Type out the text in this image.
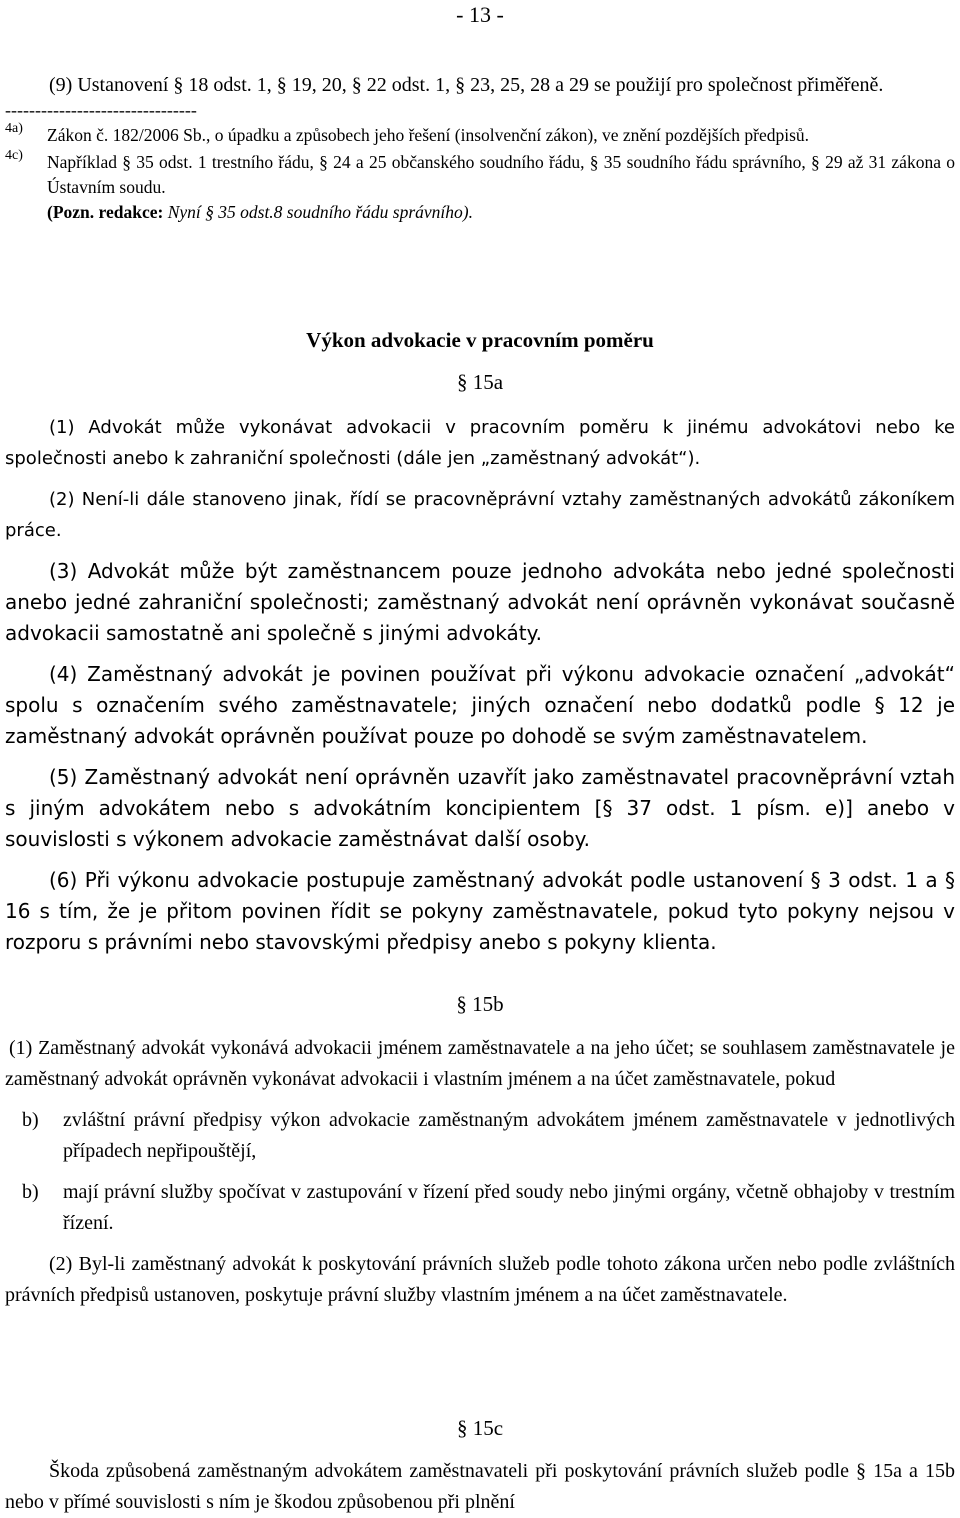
- 13 -

(9) Ustanovení § 18 odst. 1, § 19, 20, § 22 odst. 1, § 23, 25, 28 a 29 se použijí pro společnost přiměřeně.

--------------------------------
4a) Zákon č. 182/2006 Sb., o úpadku a způsobech jeho řešení (insolvenční zákon), ve znění pozdějších předpisů.
4c) Například § 35 odst. 1 trestního řádu, § 24 a 25 občanského soudního řádu, § 35 soudního řádu správního, § 29 až 31 zákona o Ústavním soudu.
(Pozn. redakce: Nyní § 35 odst.8 soudního řádu správního).
Výkon advokacie v pracovním poměru
§ 15a

(1) Advokát může vykonávat advokacii v pracovním poměru k jinému advokátovi nebo ke společnosti anebo k zahraniční společnosti (dále jen „zaměstnaný advokát“).

(2) Není-li dále stanoveno jinak, řídí se pracovněprávní vztahy zaměstnaných advokátů zákoníkem práce.

(3) Advokát může být zaměstnancem pouze jednoho advokáta nebo jedné společnosti anebo jedné zahraniční společnosti; zaměstnaný advokát není oprávněn vykonávat současně advokacii samostatně ani společně s jinými advokáty.

(4) Zaměstnaný advokát je povinen používat při výkonu advokacie označení „advokát“ spolu s označením svého zaměstnavatele; jiných označení nebo dodatků podle § 12 je zaměstnaný advokát oprávněn používat pouze po dohodě se svým zaměstnavatelem.

(5) Zaměstnaný advokát není oprávněn uzavřít jako zaměstnavatel pracovněprávní vztah s jiným advokátem nebo s advokátním koncipientem [§ 37 odst. 1 písm. e)] anebo v souvislosti s výkonem advokacie zaměstnávat další osoby.

(6) Při výkonu advokacie postupuje zaměstnaný advokát podle ustanovení § 3 odst. 1 a § 16 s tím, že je přitom povinen řídit se pokyny zaměstnavatele, pokud tyto pokyny nejsou v rozporu s právními nebo stavovskými předpisy anebo s pokyny klienta.

§ 15b

(1) Zaměstnaný advokát vykonává advokacii jménem zaměstnavatele a na jeho účet; se souhlasem zaměstnavatele je zaměstnaný advokát oprávněn vykonávat advokacii i vlastním jménem a na účet zaměstnavatele, pokud

b) zvláštní právní předpisy výkon advokacie zaměstnaným advokátem jménem zaměstnavatele v jednotlivých případech nepřipouštějí,
b) mají právní služby spočívat v zastupování v řízení před soudy nebo jinými orgány, včetně obhajoby v trestním řízení.

(2) Byl-li zaměstnaný advokát k poskytování právních služeb podle tohoto zákona určen nebo podle zvláštních právních předpisů ustanoven, poskytuje právní služby vlastním jménem a na účet zaměstnavatele.

§ 15c

Škoda způsobená zaměstnaným advokátem zaměstnavateli při poskytování právních služeb podle § 15a a 15b nebo v přímé souvislosti s ním je škodou způsobenou při plnění
